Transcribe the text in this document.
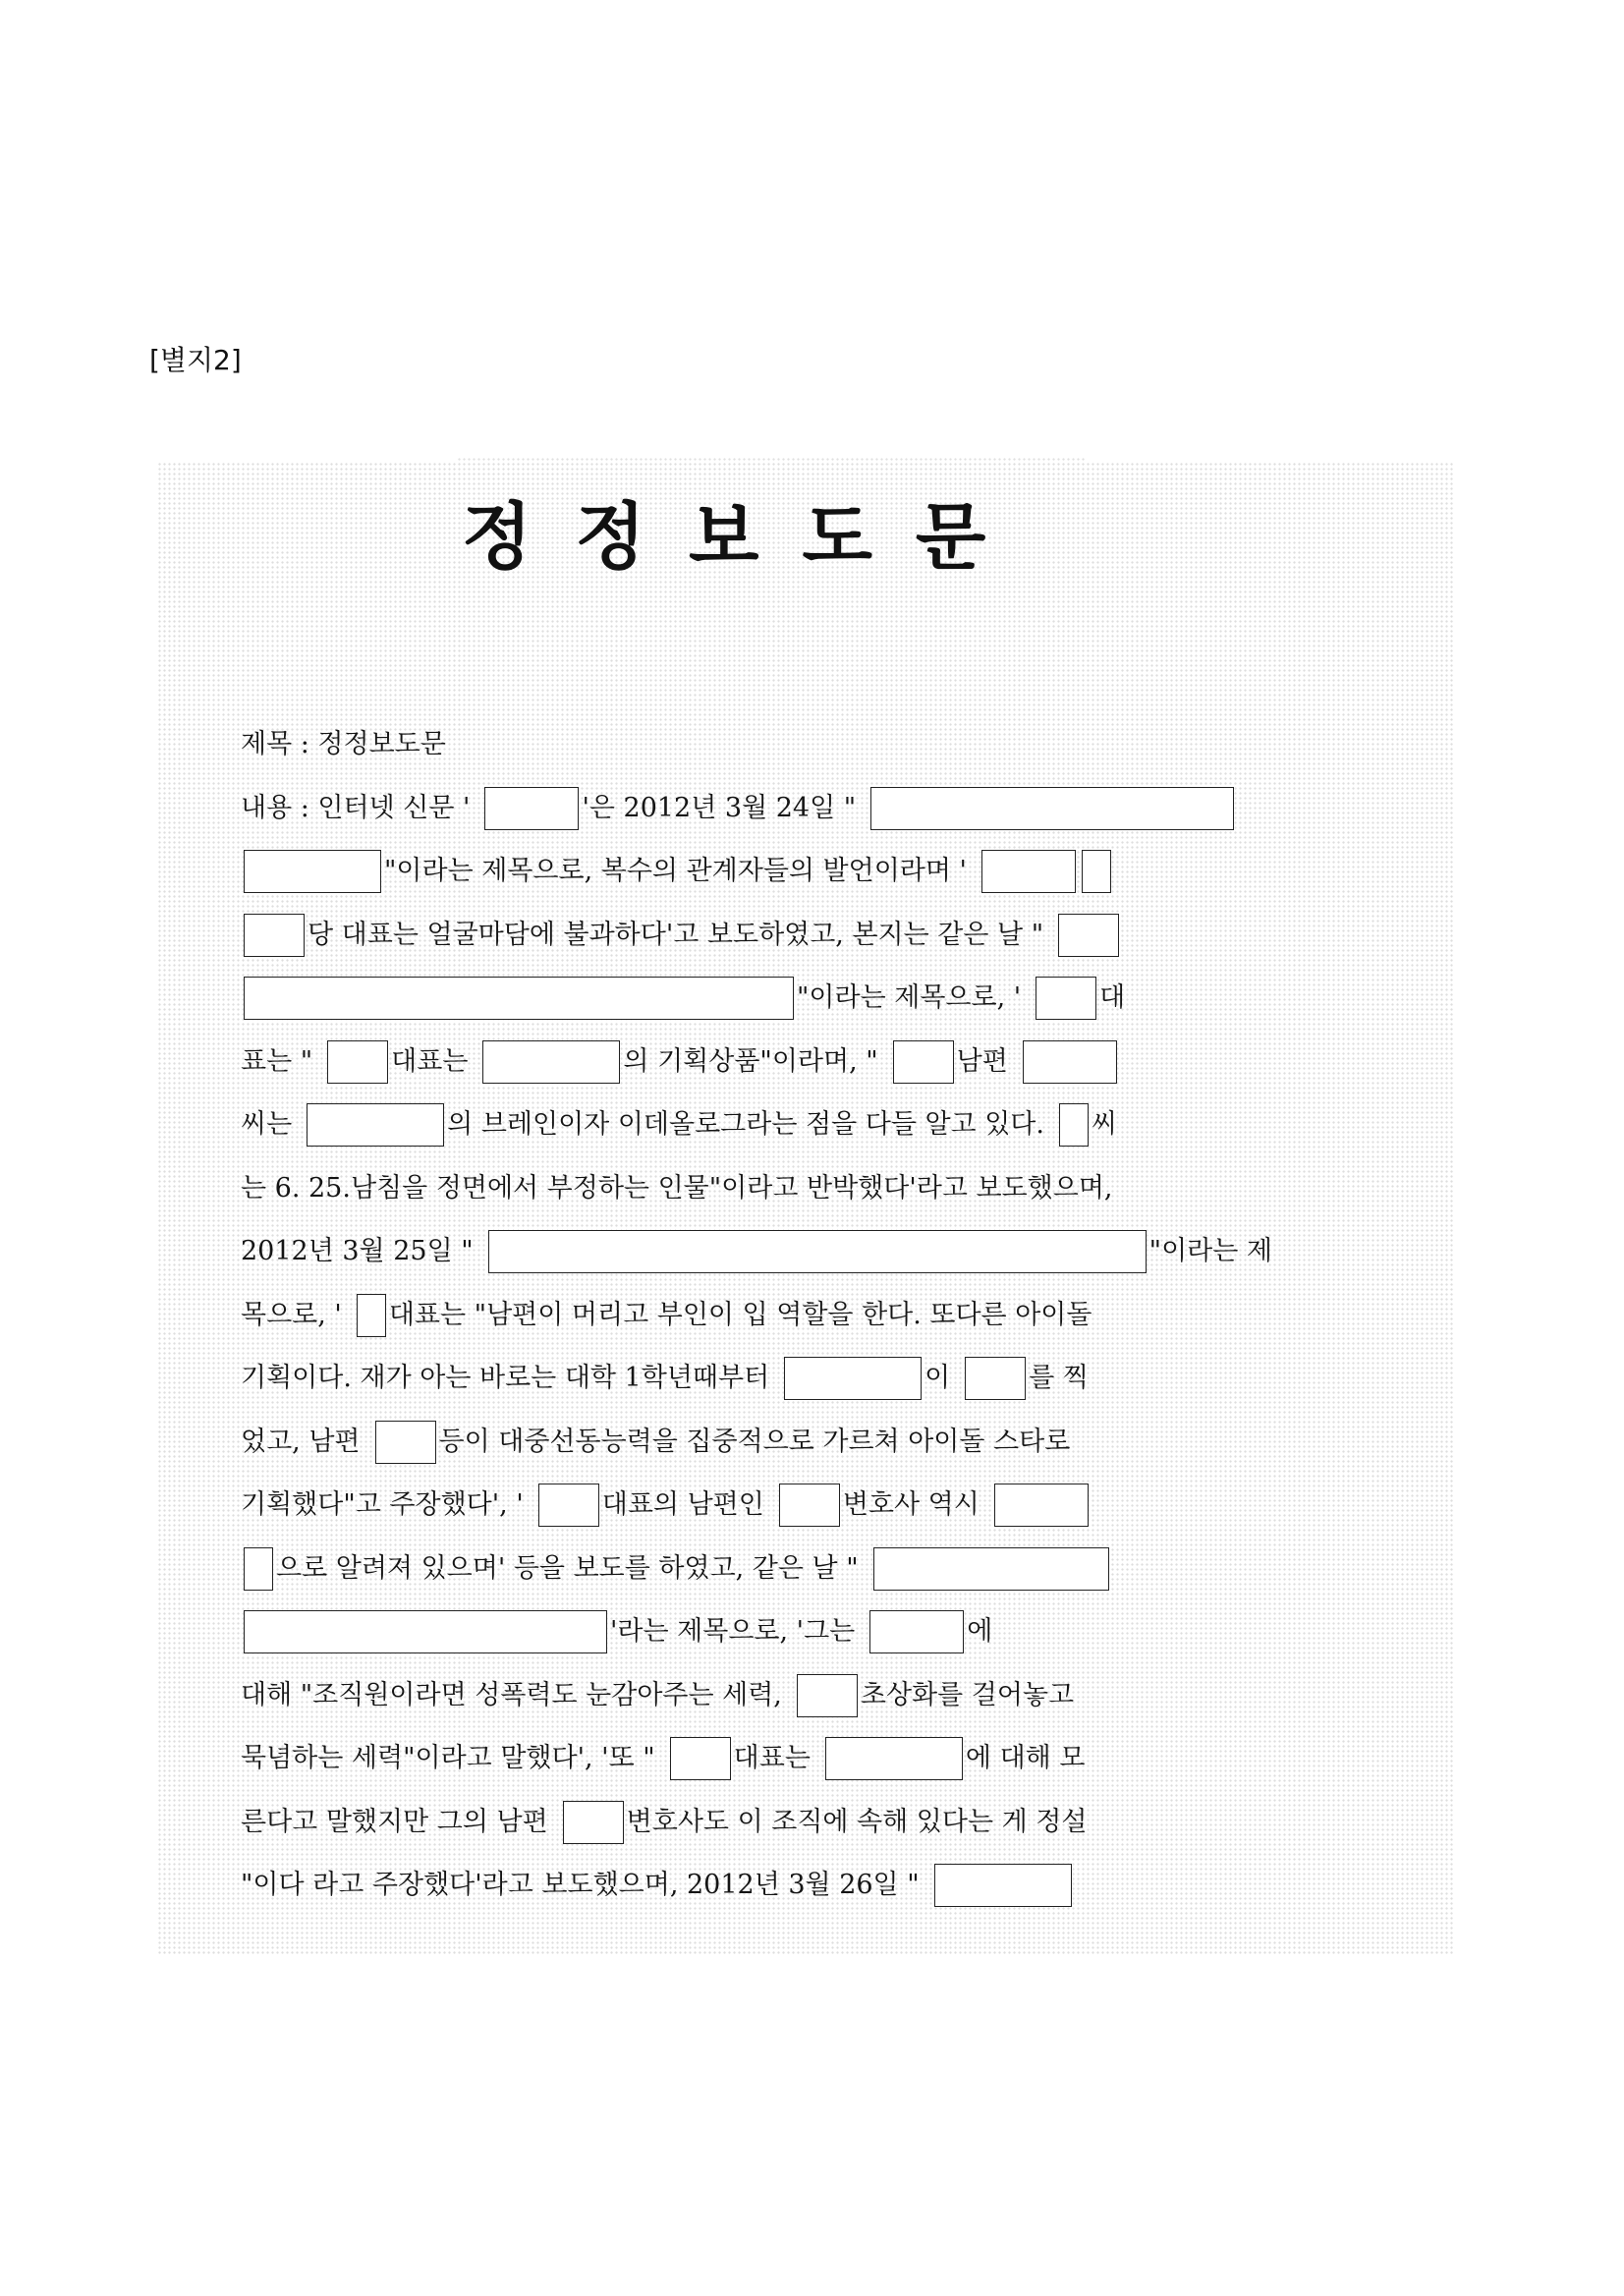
[별지2]
정정보도문
제목 : 정정보도문
내용 : 인터넷 신문 '	'은 2012년 3월 24일 "
"이라는 제목으로, 복수의 관계자들의 발언이라며 '
당 대표는 얼굴마담에 불과하다'고 보도하였고, 본지는 같은 날 "
"이라는 제목으로, '	대
표는 "	대표는	의 기획상품"이라며, "	남편
씨는	의 브레인이자 이데올로그라는 점을 다들 알고 있다. 씨
는 6. 25.남침을 정면에서 부정하는 인물"이라고 반박했다'라고 보도했으며,
2012년 3월 25일 "	"이라는 제
목으로, ' 대표는 "남편이 머리고 부인이 입 역할을 한다. 또다른 아이돌
기획이다. 재가 아는 바로는 대학 1학년때부터	이	를 찍
었고, 남편	등이 대중선동능력을 집중적으로 가르쳐 아이돌 스타로
기획했다"고 주장했다', '	대표의 남편인	변호사 역시
으로 알려져 있으며' 등을 보도를 하였고, 같은 날 "
'라는 제목으로, '그는	에
대해 "조직원이라면 성폭력도 눈감아주는 세력,	초상화를 걸어놓고
묵념하는 세력"이라고 말했다', '또 "	대표는	에 대해 모
른다고 말했지만 그의 남편	변호사도 이 조직에 속해 있다는 게 정설
"이다 라고 주장했다'라고 보도했으며, 2012년 3월 26일 "
